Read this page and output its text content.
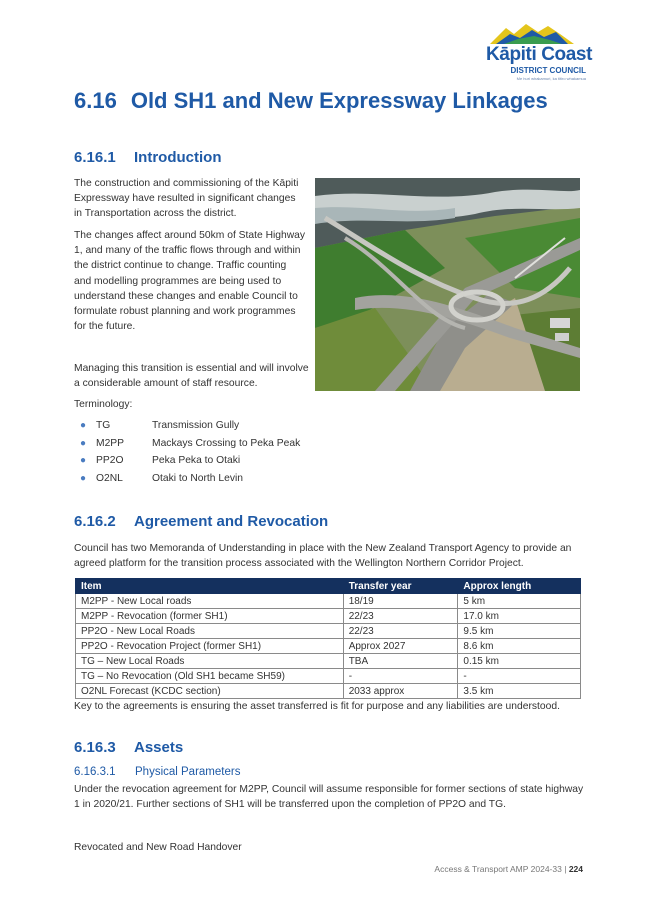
Kāpiti Coast
DISTRICT COUNCIL
Me huri whakamuri, ka titiro whakamua
6.16 Old SH1 and New Expressway Linkages
6.16.1 Introduction

The construction and commissioning of the Kāpiti Expressway have resulted in significant changes in Transportation across the district.

The changes affect around 50km of State Highway 1, and many of the traffic flows through and within the district continue to change. Traffic counting and modelling programmes are being used to understand these changes and enable Council to formulate robust planning and work programmes for the future.

Managing this transition is essential and will involve a considerable amount of staff resource.

Terminology:
● TG	Transmission Gully
● M2PP	Mackays Crossing to Peka Peak
● PP2O	Peka Peka to Otaki
● O2NL	Otaki to North Levin
6.16.2 Agreement and Revocation

Council has two Memoranda of Understanding in place with the New Zealand Transport Agency to provide an agreed platform for the transition process associated with the Wellington Northern Corridor Project.

Item	Transfer year	Approx length
M2PP - New Local roads	18/19	5 km
M2PP - Revocation (former SH1)	22/23	17.0 km
PP2O - New Local Roads	22/23	9.5 km
PP2O - Revocation Project (former SH1)	Approx 2027	8.6 km
TG – New Local Roads	TBA	0.15 km
TG – No Revocation (Old SH1 became SH59)	-	-
O2NL Forecast (KCDC section)	2033 approx	3.5 km

Key to the agreements is ensuring the asset transferred is fit for purpose and any liabilities are understood.

6.16.3 Assets
6.16.3.1 Physical Parameters

Under the revocation agreement for M2PP, Council will assume responsible for former sections of state highway 1 in 2020/21. Further sections of SH1 will be transferred upon the completion of PP2O and TG.

Revocated and New Road Handover
Access & Transport AMP 2024-33 | 224
